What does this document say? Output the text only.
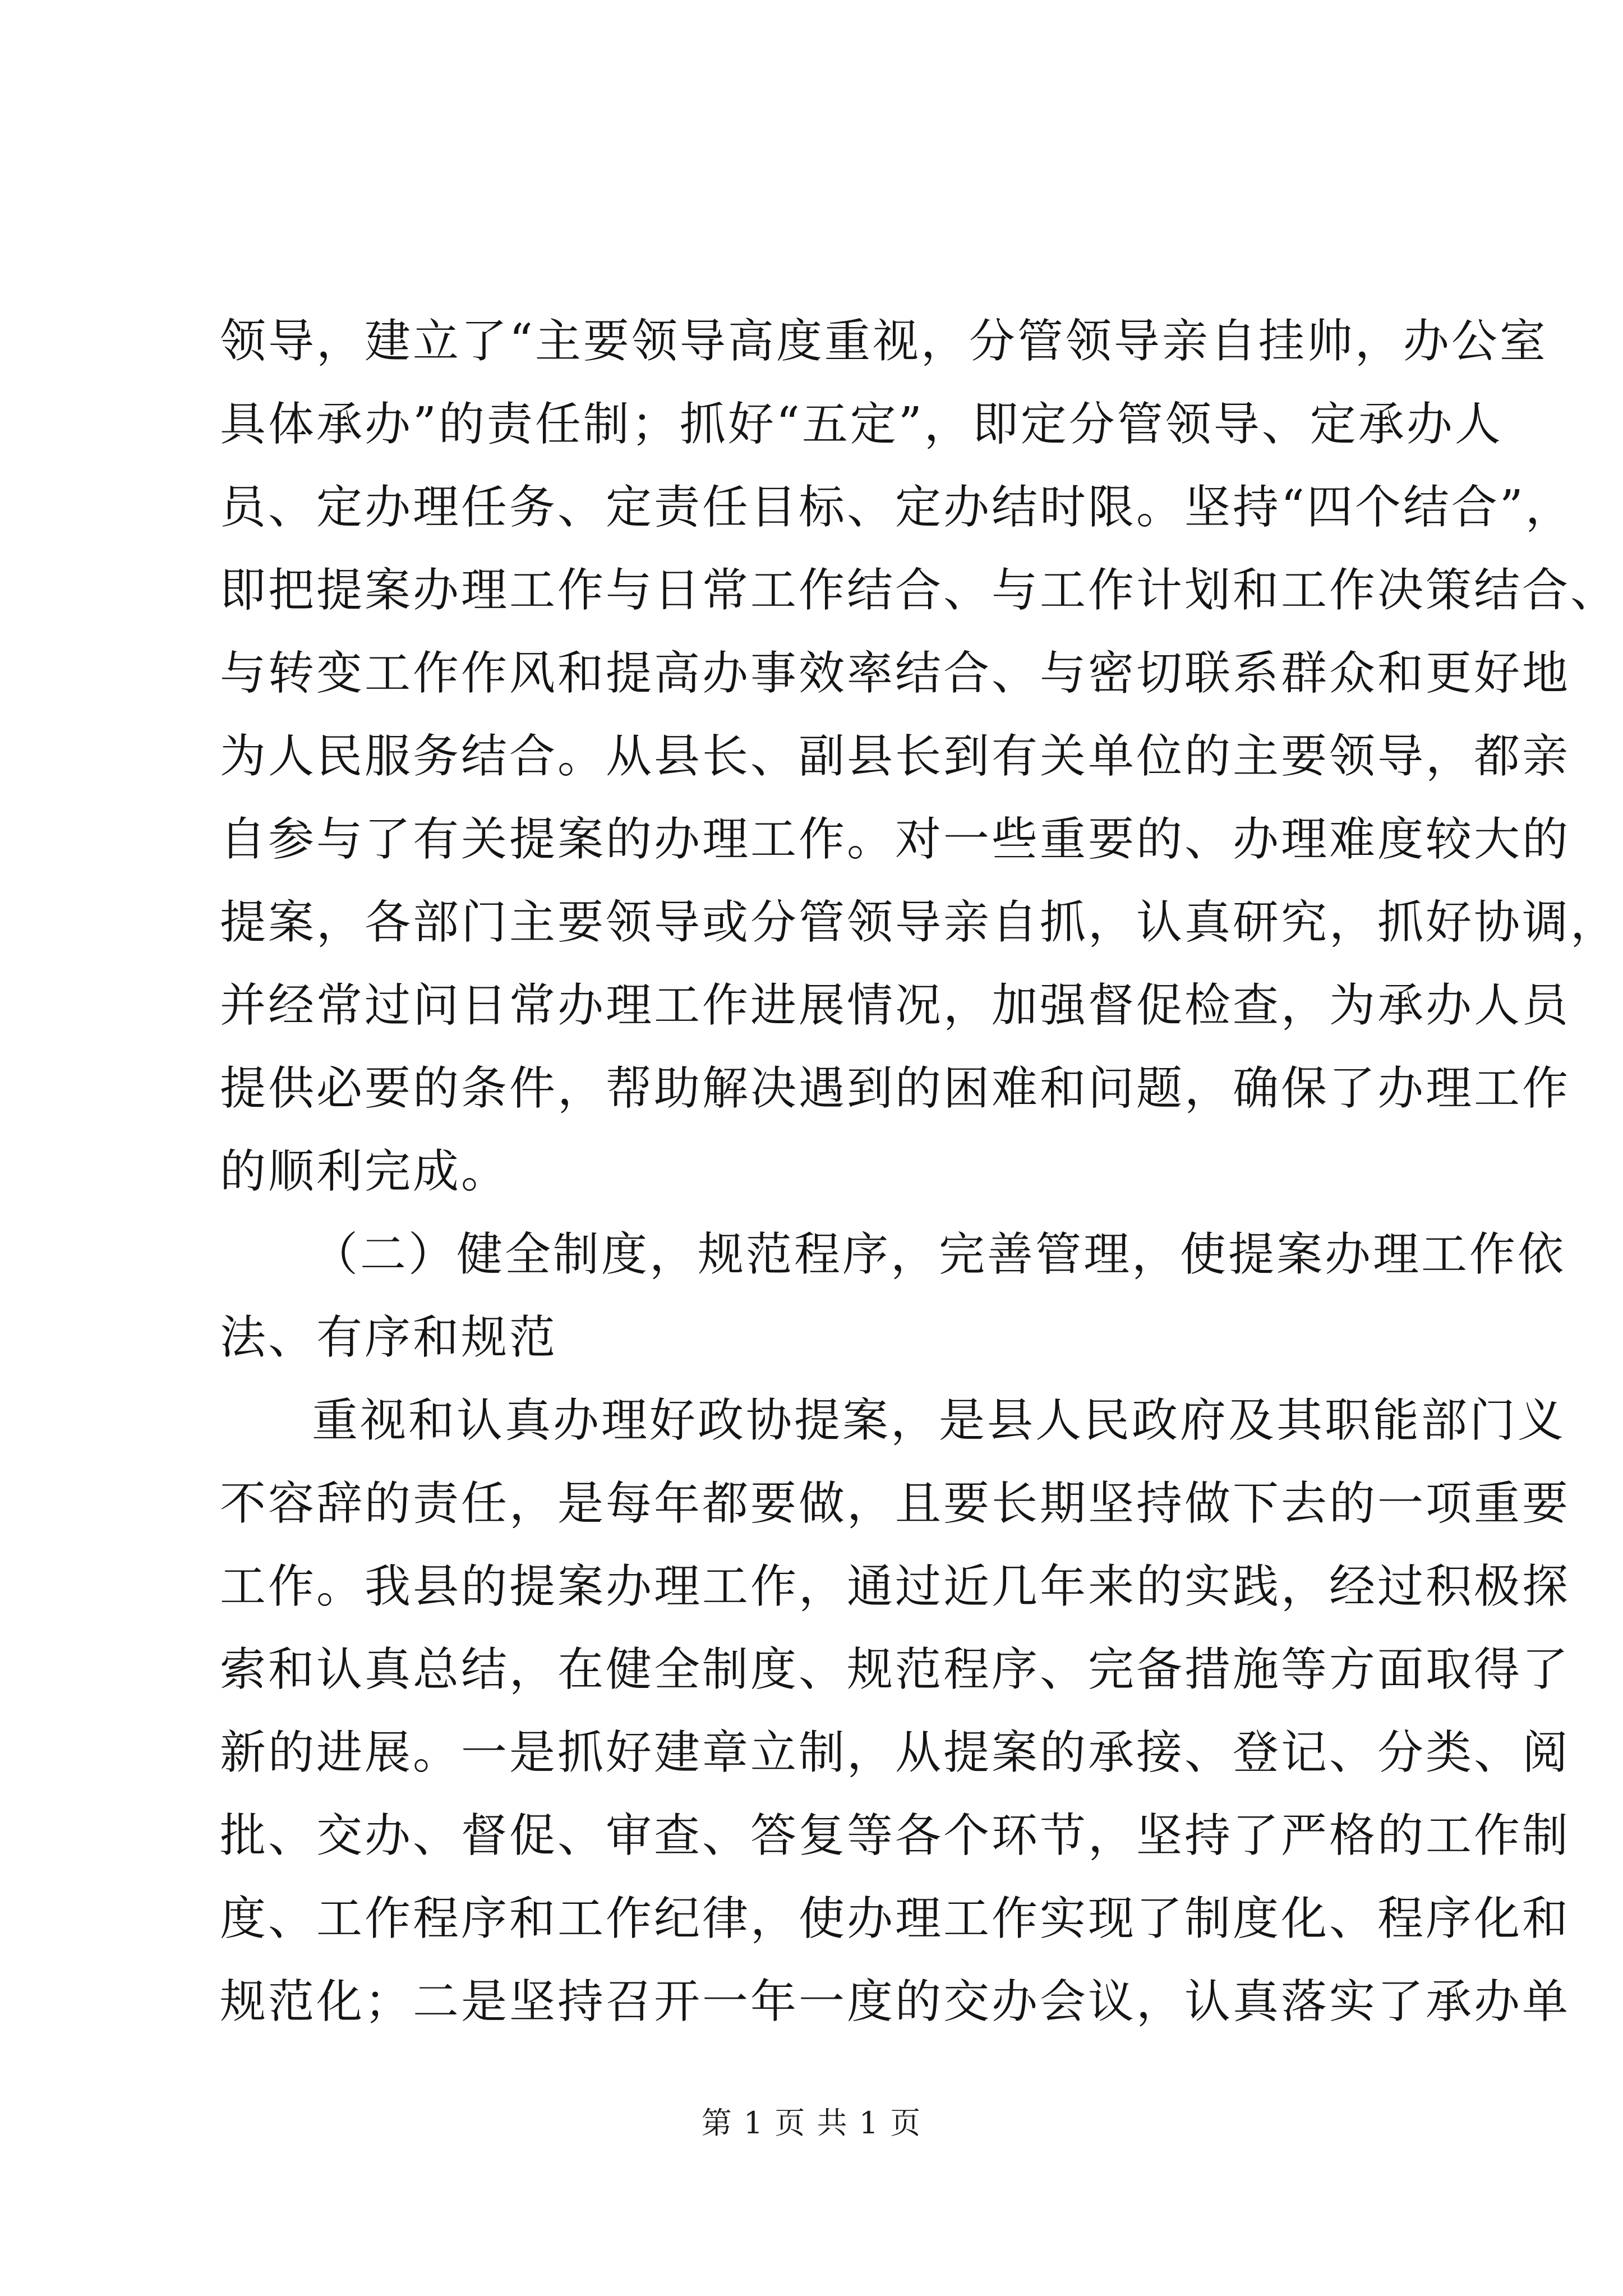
领导，建立了“主要领导高度重视，分管领导亲自挂帅，办公室
具体承办”的责任制；抓好“五定”，即定分管领导、定承办人
员、定办理任务、定责任目标、定办结时限。坚持“四个结合”，
即把提案办理工作与日常工作结合、与工作计划和工作决策结合、
与转变工作作风和提高办事效率结合、与密切联系群众和更好地
为人民服务结合。从县长、副县长到有关单位的主要领导，都亲
自参与了有关提案的办理工作。对一些重要的、办理难度较大的
提案，各部门主要领导或分管领导亲自抓，认真研究，抓好协调，
并经常过问日常办理工作进展情况，加强督促检查，为承办人员
提供必要的条件，帮助解决遇到的困难和问题，确保了办理工作
的顺利完成。
（二）健全制度，规范程序，完善管理，使提案办理工作依
法、有序和规范
重视和认真办理好政协提案，是县人民政府及其职能部门义
不容辞的责任，是每年都要做，且要长期坚持做下去的一项重要
工作。我县的提案办理工作，通过近几年来的实践，经过积极探
索和认真总结，在健全制度、规范程序、完备措施等方面取得了
新的进展。一是抓好建章立制，从提案的承接、登记、分类、阅
批、交办、督促、审查、答复等各个环节，坚持了严格的工作制
度、工作程序和工作纪律，使办理工作实现了制度化、程序化和
规范化；二是坚持召开一年一度的交办会议，认真落实了承办单
第 1 页 共 1 页
